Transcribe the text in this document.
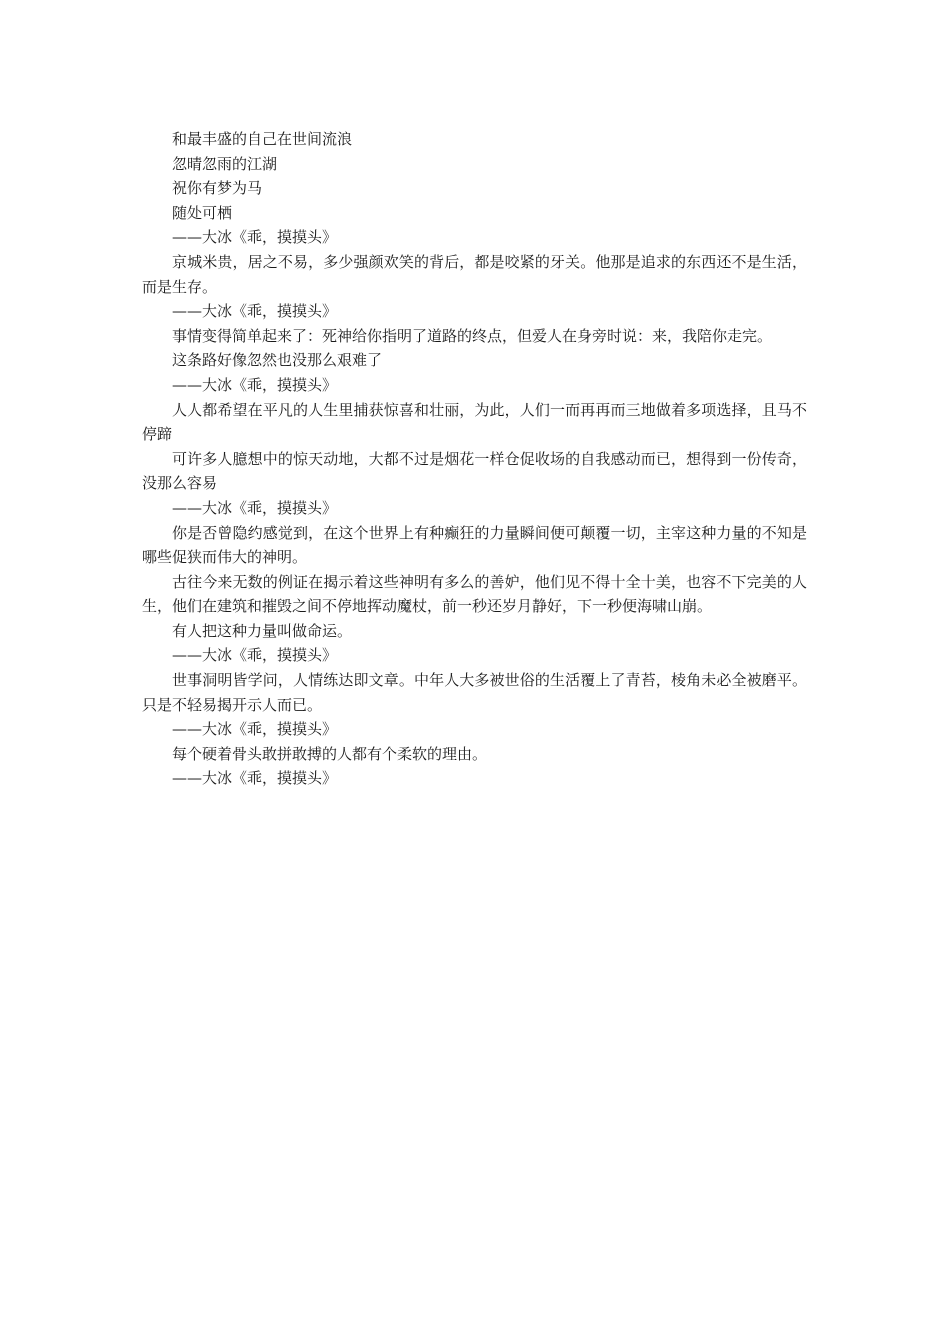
和最丰盛的自己在世间流浪

忽晴忽雨的江湖

祝你有梦为马

随处可栖

——大冰《乖，摸摸头》

京城米贵，居之不易，多少强颜欢笑的背后，都是咬紧的牙关。他那是追求的东西还不是生活，而是生存。

——大冰《乖，摸摸头》

事情变得简单起来了：死神给你指明了道路的终点，但爱人在身旁时说：来，我陪你走完。

这条路好像忽然也没那么艰难了

——大冰《乖，摸摸头》

人人都希望在平凡的人生里捕获惊喜和壮丽，为此，人们一而再再而三地做着多项选择，且马不停蹄

可许多人臆想中的惊天动地，大都不过是烟花一样仓促收场的自我感动而已，想得到一份传奇，没那么容易

——大冰《乖，摸摸头》

你是否曾隐约感觉到，在这个世界上有种癫狂的力量瞬间便可颠覆一切，主宰这种力量的不知是哪些促狭而伟大的神明。

古往今来无数的例证在揭示着这些神明有多么的善妒，他们见不得十全十美，也容不下完美的人生，他们在建筑和摧毁之间不停地挥动魔杖，前一秒还岁月静好，下一秒便海啸山崩。

有人把这种力量叫做命运。

——大冰《乖，摸摸头》

世事洞明皆学问，人情练达即文章。中年人大多被世俗的生活覆上了青苔，棱角未必全被磨平。只是不轻易揭开示人而已。

——大冰《乖，摸摸头》

每个硬着骨头敢拼敢搏的人都有个柔软的理由。

——大冰《乖，摸摸头》
